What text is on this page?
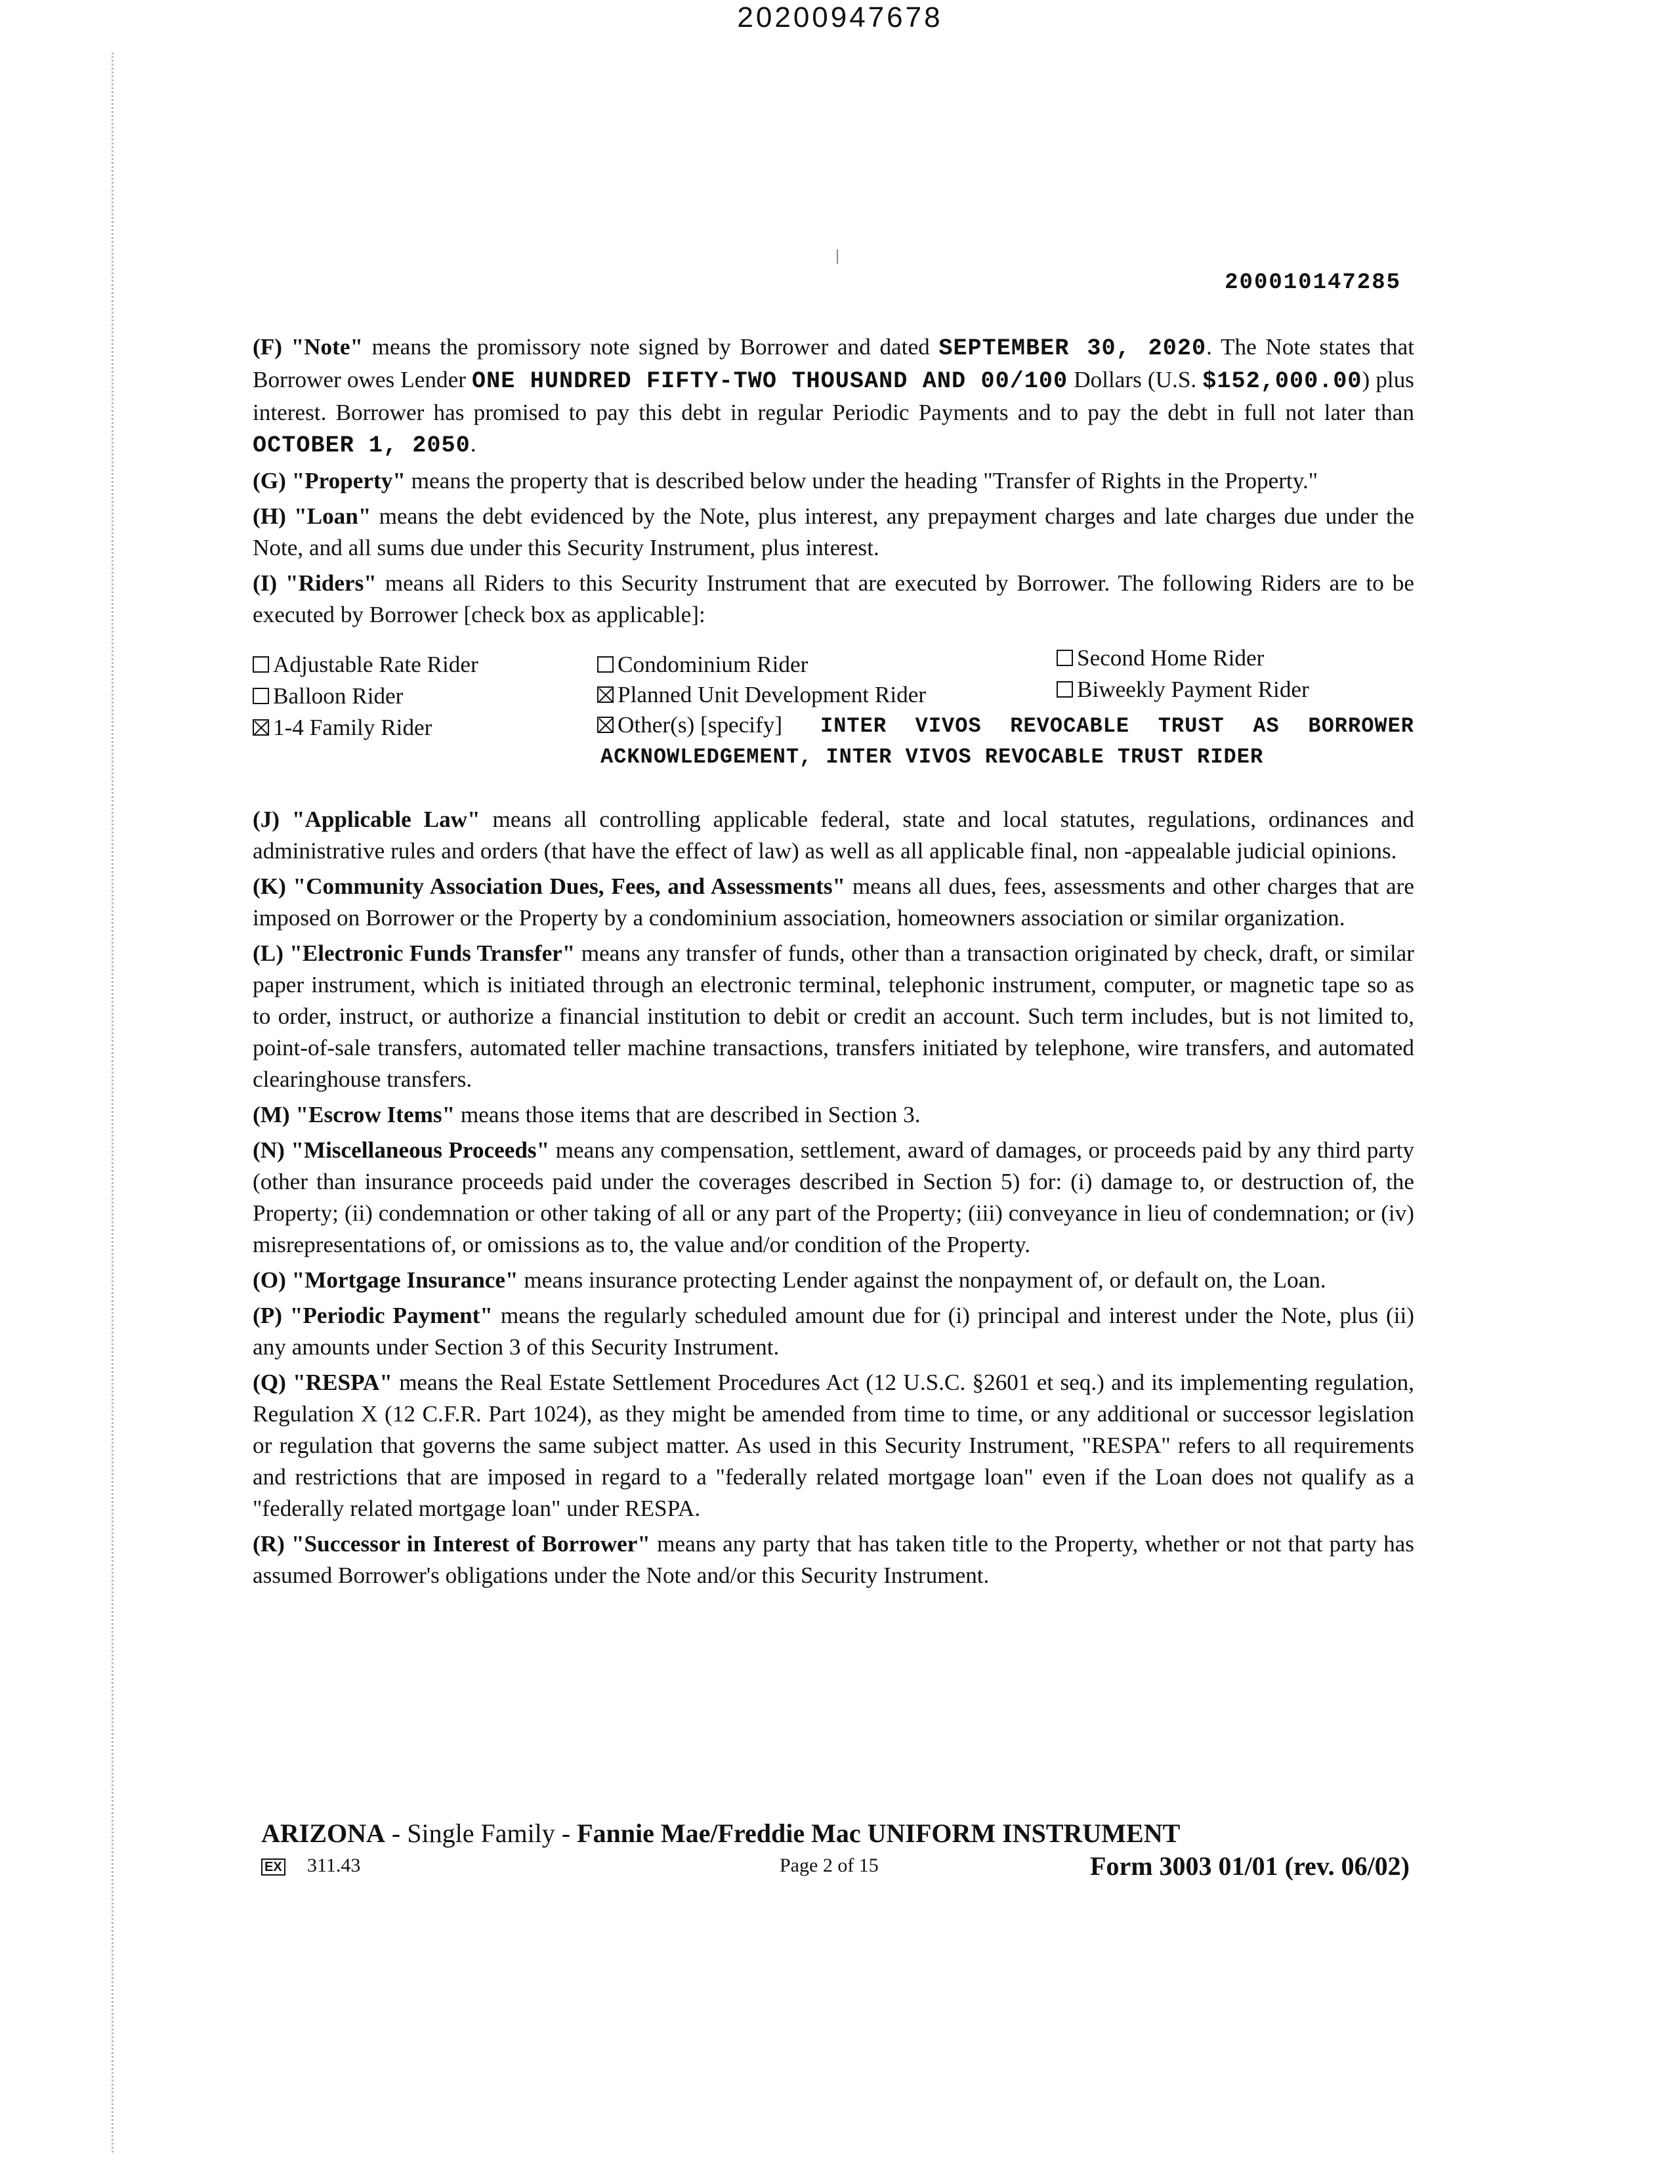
20200947678
200010147285

(F) "Note" means the promissory note signed by Borrower and dated SEPTEMBER 30, 2020. The Note states that Borrower owes Lender ONE HUNDRED FIFTY-TWO THOUSAND AND 00/100 Dollars (U.S. $152,000.00) plus interest. Borrower has promised to pay this debt in regular Periodic Payments and to pay the debt in full not later than OCTOBER 1, 2050.

(G) "Property" means the property that is described below under the heading "Transfer of Rights in the Property."

(H) "Loan" means the debt evidenced by the Note, plus interest, any prepayment charges and late charges due under the Note, and all sums due under this Security Instrument, plus interest.

(I) "Riders" means all Riders to this Security Instrument that are executed by Borrower. The following Riders are to be executed by Borrower [check box as applicable]:

Adjustable Rate Rider	Condominium Rider	Second Home Rider
Balloon Rider	Planned Unit Development Rider	Biweekly Payment Rider
1-4 Family Rider	Other(s) [specify]	INTER VIVOS REVOCABLE TRUST AS BORROWER ACKNOWLEDGEMENT, INTER VIVOS REVOCABLE TRUST RIDER

(J) "Applicable Law" means all controlling applicable federal, state and local statutes, regulations, ordinances and administrative rules and orders (that have the effect of law) as well as all applicable final, non -appealable judicial opinions.

(K) "Community Association Dues, Fees, and Assessments" means all dues, fees, assessments and other charges that are imposed on Borrower or the Property by a condominium association, homeowners association or similar organization.

(L) "Electronic Funds Transfer" means any transfer of funds, other than a transaction originated by check, draft, or similar paper instrument, which is initiated through an electronic terminal, telephonic instrument, computer, or magnetic tape so as to order, instruct, or authorize a financial institution to debit or credit an account. Such term includes, but is not limited to, point-of-sale transfers, automated teller machine transactions, transfers initiated by telephone, wire transfers, and automated clearinghouse transfers.

(M) "Escrow Items" means those items that are described in Section 3.

(N) "Miscellaneous Proceeds" means any compensation, settlement, award of damages, or proceeds paid by any third party (other than insurance proceeds paid under the coverages described in Section 5) for: (i) damage to, or destruction of, the Property; (ii) condemnation or other taking of all or any part of the Property; (iii) conveyance in lieu of condemnation; or (iv) misrepresentations of, or omissions as to, the value and/or condition of the Property.

(O) "Mortgage Insurance" means insurance protecting Lender against the nonpayment of, or default on, the Loan.

(P) "Periodic Payment" means the regularly scheduled amount due for (i) principal and interest under the Note, plus (ii) any amounts under Section 3 of this Security Instrument.

(Q) "RESPA" means the Real Estate Settlement Procedures Act (12 U.S.C. §2601 et seq.) and its implementing regulation, Regulation X (12 C.F.R. Part 1024), as they might be amended from time to time, or any additional or successor legislation or regulation that governs the same subject matter. As used in this Security Instrument, "RESPA" refers to all requirements and restrictions that are imposed in regard to a "federally related mortgage loan" even if the Loan does not qualify as a "federally related mortgage loan" under RESPA.

(R) "Successor in Interest of Borrower" means any party that has taken title to the Property, whether or not that party has assumed Borrower's obligations under the Note and/or this Security Instrument.

ARIZONA - Single Family - Fannie Mae/Freddie Mac UNIFORM INSTRUMENT
EX 311.43	Page 2 of 15	Form 3003 01/01 (rev. 06/02)
